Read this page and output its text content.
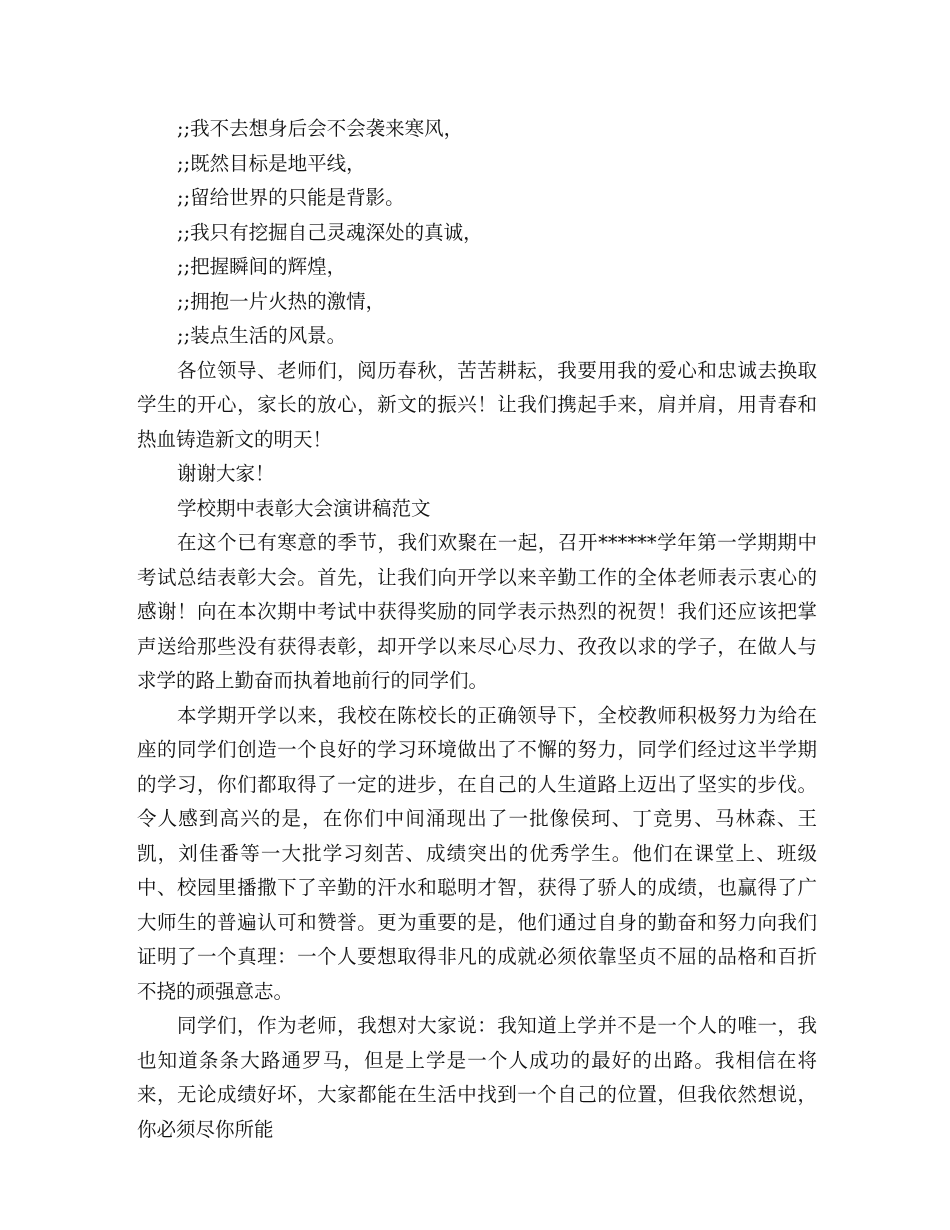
;;我不去想身后会不会袭来寒风，

;;既然目标是地平线，

;;留给世界的只能是背影。

;;我只有挖掘自己灵魂深处的真诚，

;;把握瞬间的辉煌，

;;拥抱一片火热的激情，

;;装点生活的风景。

各位领导、老师们，阅历春秋，苦苦耕耘，我要用我的爱心和忠诚去换取学生的开心，家长的放心，新文的振兴！让我们携起手来，肩并肩，用青春和热血铸造新文的明天！

谢谢大家！

学校期中表彰大会演讲稿范文

在这个已有寒意的季节，我们欢聚在一起，召开******学年第一学期期中考试总结表彰大会。首先，让我们向开学以来辛勤工作的全体老师表示衷心的感谢！向在本次期中考试中获得奖励的同学表示热烈的祝贺！我们还应该把掌声送给那些没有获得表彰，却开学以来尽心尽力、孜孜以求的学子，在做人与求学的路上勤奋而执着地前行的同学们。

本学期开学以来，我校在陈校长的正确领导下，全校教师积极努力为给在座的同学们创造一个良好的学习环境做出了不懈的努力，同学们经过这半学期的学习，你们都取得了一定的进步，在自己的人生道路上迈出了坚实的步伐。令人感到高兴的是，在你们中间涌现出了一批像侯珂、丁竞男、马林森、王凯，刘佳番等一大批学习刻苦、成绩突出的优秀学生。他们在课堂上、班级中、校园里播撒下了辛勤的汗水和聪明才智，获得了骄人的成绩，也赢得了广大师生的普遍认可和赞誉。更为重要的是，他们通过自身的勤奋和努力向我们证明了一个真理：一个人要想取得非凡的成就必须依靠坚贞不屈的品格和百折不挠的顽强意志。

同学们，作为老师，我想对大家说：我知道上学并不是一个人的唯一，我也知道条条大路通罗马，但是上学是一个人成功的最好的出路。我相信在将来，无论成绩好坏，大家都能在生活中找到一个自己的位置，但我依然想说，你必须尽你所能
